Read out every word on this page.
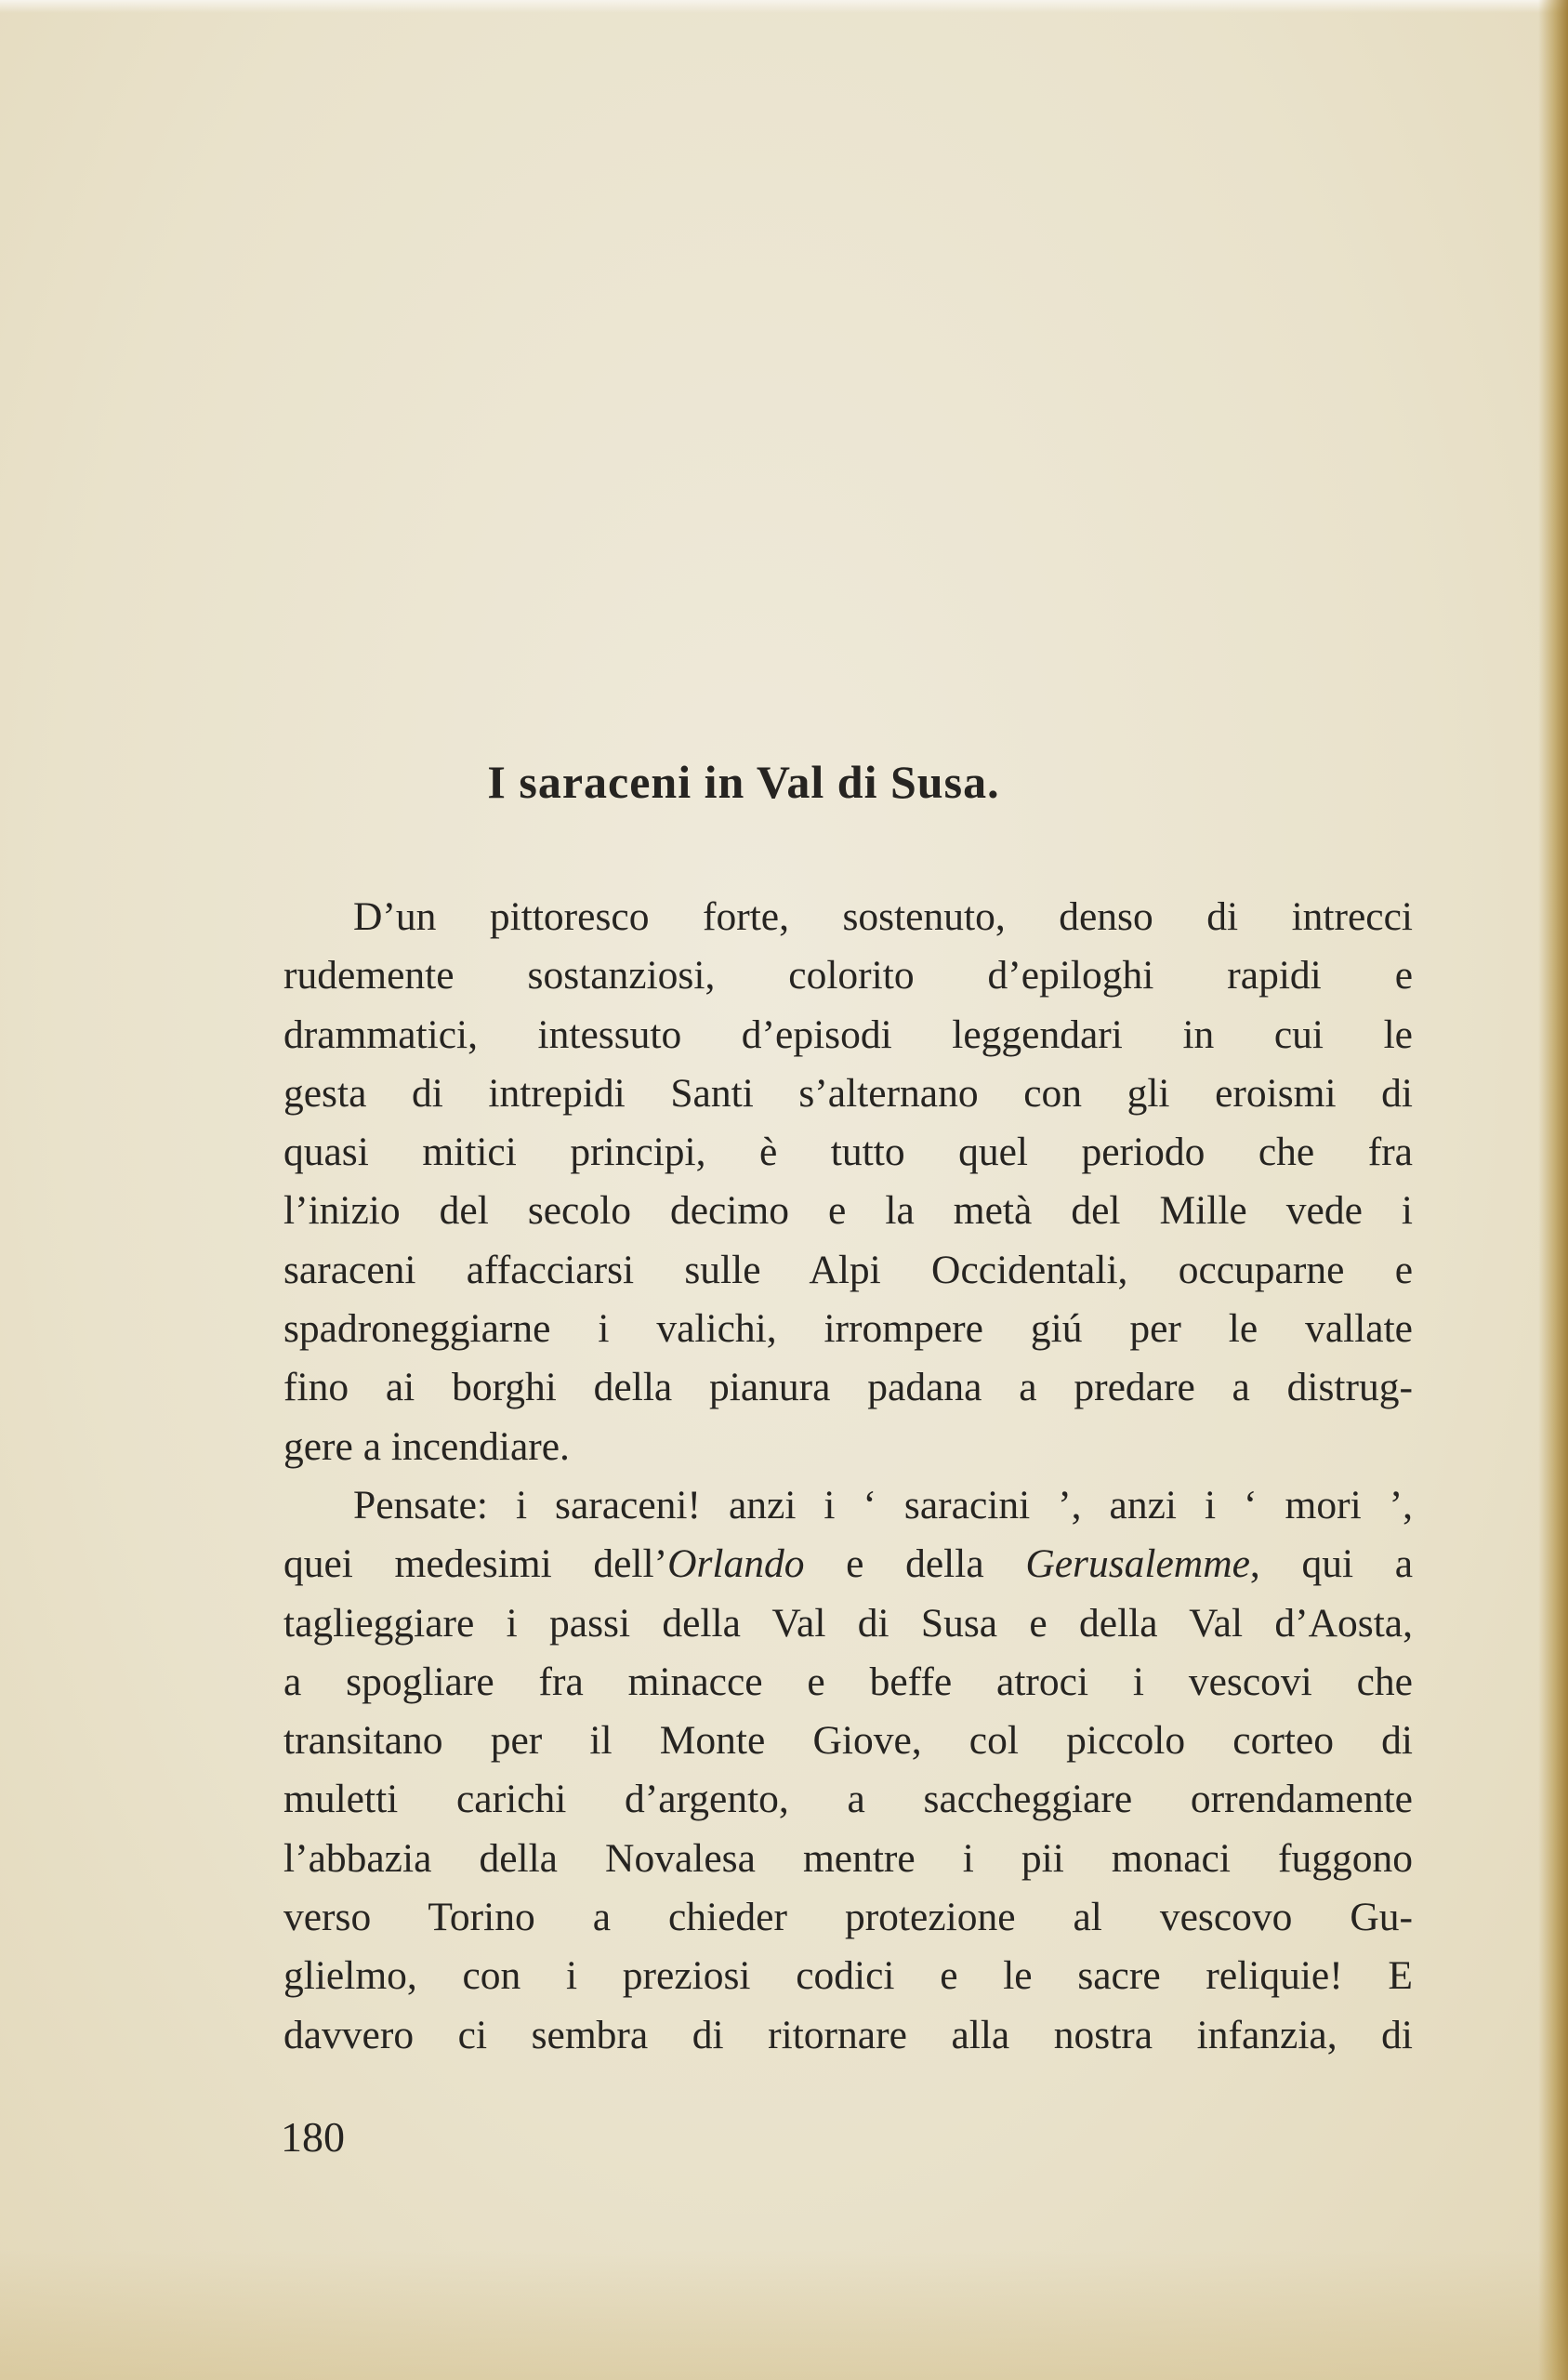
I saraceni in Val di Susa.

D’un pittoresco forte, sostenuto, denso di intrecci
rudemente sostanziosi, colorito d’epiloghi rapidi e
drammatici, intessuto d’episodi leggendari in cui le
gesta di intrepidi Santi s’alternano con gli eroismi di
quasi mitici principi, è tutto quel periodo che fra
l’inizio del secolo decimo e la metà del Mille vede i
saraceni affacciarsi sulle Alpi Occidentali, occuparne e
spadroneggiarne i valichi, irrompere giú per le vallate
fino ai borghi della pianura padana a predare a distrug-
gere a incendiare.

Pensate: i saraceni! anzi i ‘ saracini ’, anzi i ‘ mori ’,
quei medesimi dell’Orlando e della Gerusalemme, qui a
taglieggiare i passi della Val di Susa e della Val d’Aosta,
a spogliare fra minacce e beffe atroci i vescovi che
transitano per il Monte Giove, col piccolo corteo di
muletti carichi d’argento, a saccheggiare orrendamente
l’abbazia della Novalesa mentre i pii monaci fuggono
verso Torino a chieder protezione al vescovo Gu-
glielmo, con i preziosi codici e le sacre reliquie! E
davvero ci sembra di ritornare alla nostra infanzia, di

180
